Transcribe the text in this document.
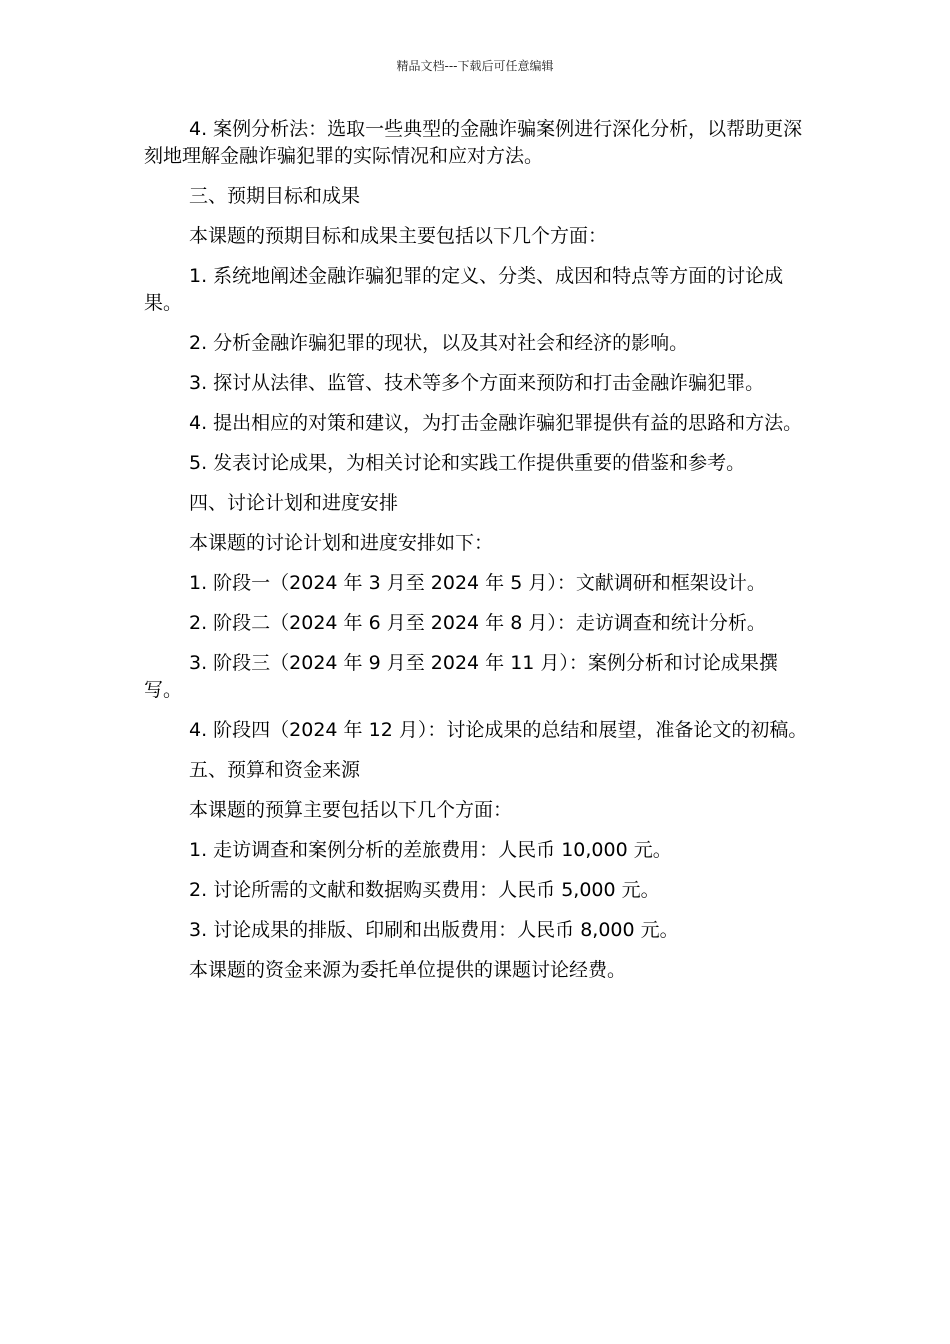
精品文档---下载后可任意编辑

4. 案例分析法：选取一些典型的金融诈骗案例进行深化分析，以帮助更深刻地理解金融诈骗犯罪的实际情况和应对方法。

三、预期目标和成果

本课题的预期目标和成果主要包括以下几个方面：

1. 系统地阐述金融诈骗犯罪的定义、分类、成因和特点等方面的讨论成果。

2. 分析金融诈骗犯罪的现状，以及其对社会和经济的影响。

3. 探讨从法律、监管、技术等多个方面来预防和打击金融诈骗犯罪。

4. 提出相应的对策和建议，为打击金融诈骗犯罪提供有益的思路和方法。

5. 发表讨论成果，为相关讨论和实践工作提供重要的借鉴和参考。

四、讨论计划和进度安排

本课题的讨论计划和进度安排如下：

1. 阶段一（2024 年 3 月至 2024 年 5 月）：文献调研和框架设计。

2. 阶段二（2024 年 6 月至 2024 年 8 月）：走访调查和统计分析。

3. 阶段三（2024 年 9 月至 2024 年 11 月）：案例分析和讨论成果撰写。

4. 阶段四（2024 年 12 月）：讨论成果的总结和展望，准备论文的初稿。

五、预算和资金来源

本课题的预算主要包括以下几个方面：

1. 走访调查和案例分析的差旅费用：人民币 10,000 元。

2. 讨论所需的文献和数据购买费用：人民币 5,000 元。

3. 讨论成果的排版、印刷和出版费用：人民币 8,000 元。

本课题的资金来源为委托单位提供的课题讨论经费。
